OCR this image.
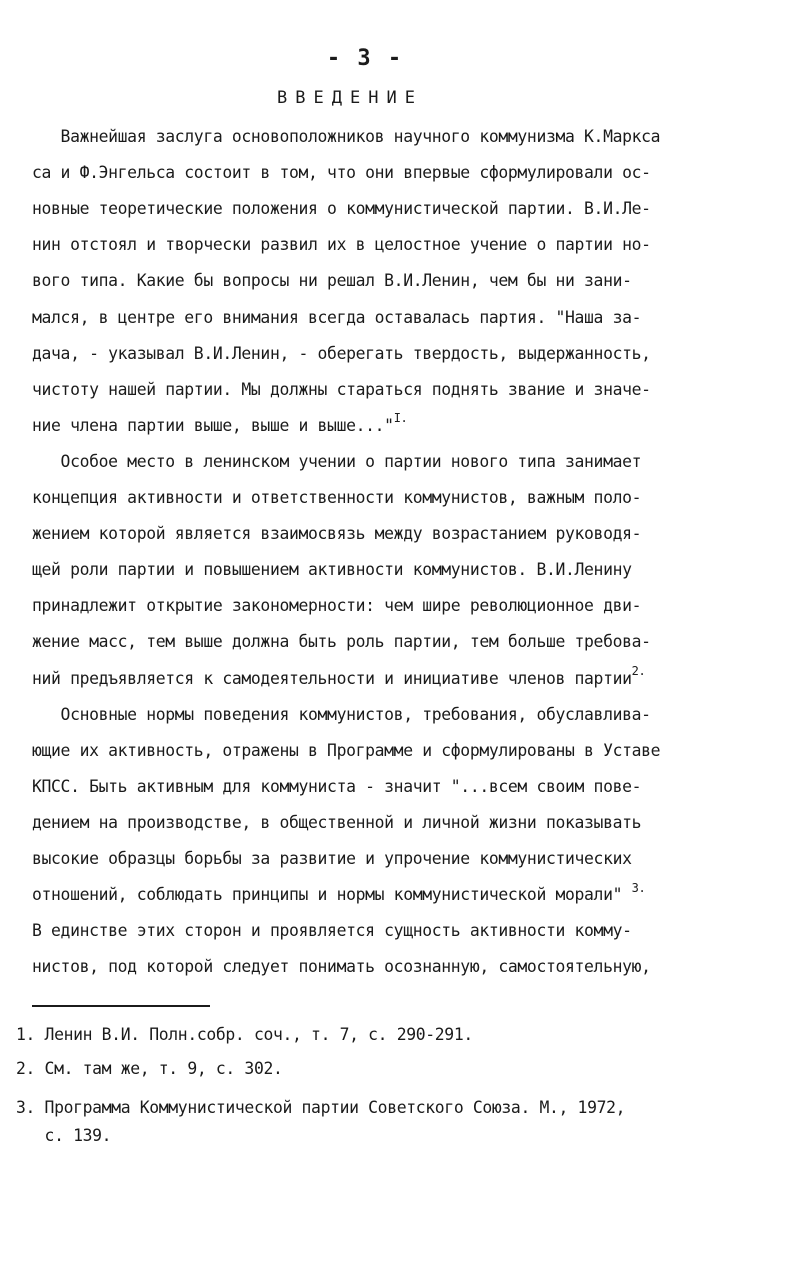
- 3 -
ВВЕДЕНИЕ
Важнейшая заслуга основоположников научного коммунизма К.Маркса
са и Ф.Энгельса состоит в том, что они впервые сформулировали ос-
новные теоретические положения о коммунистической партии. В.И.Ле-
нин отстоял и творчески развил их в целостное учение о партии но-
вого типа. Какие бы вопросы ни решал В.И.Ленин, чем бы ни зани-
мался, в центре его внимания всегда оставалась партия. "Наша за-
дача, - указывал В.И.Ленин, - оберегать твердость, выдержанность,
чистоту нашей партии. Мы должны стараться поднять звание и значе-
ние члена партии выше, выше и выше..."$^{I.}$
Особое место в ленинском учении о партии нового типа занимает
концепция активности и ответственности коммунистов, важным поло-
жением которой является взаимосвязь между возрастанием руководя-
щей роли партии и повышением активности коммунистов. В.И.Ленину
принадлежит открытие закономерности: чем шире революционное дви-
жение масс, тем выше должна быть роль партии, тем больше требова-
ний предъявляется к самодеятельности и инициативе членов партии$^{2.}$
Основные нормы поведения коммунистов, требования, обуславлива-
ющие их активность, отражены в Программе и сформулированы в Уставе
КПСС. Быть активным для коммуниста - значит "...всем своим пове-
дением на производстве, в общественной и личной жизни показывать
высокие образцы борьбы за развитие и упрочение коммунистических
отношений, соблюдать принципы и нормы коммунистической морали" $^{3.}$
В единстве этих сторон и проявляется сущность активности комму-
нистов, под которой следует понимать осознанную, самостоятельную,
1. Ленин В.И. Полн.собр. соч., т. 7, с. 290-291.
2. См. там же, т. 9, с. 302.
3. Программа Коммунистической партии Советского Союза. М., 1972,
с. 139.
